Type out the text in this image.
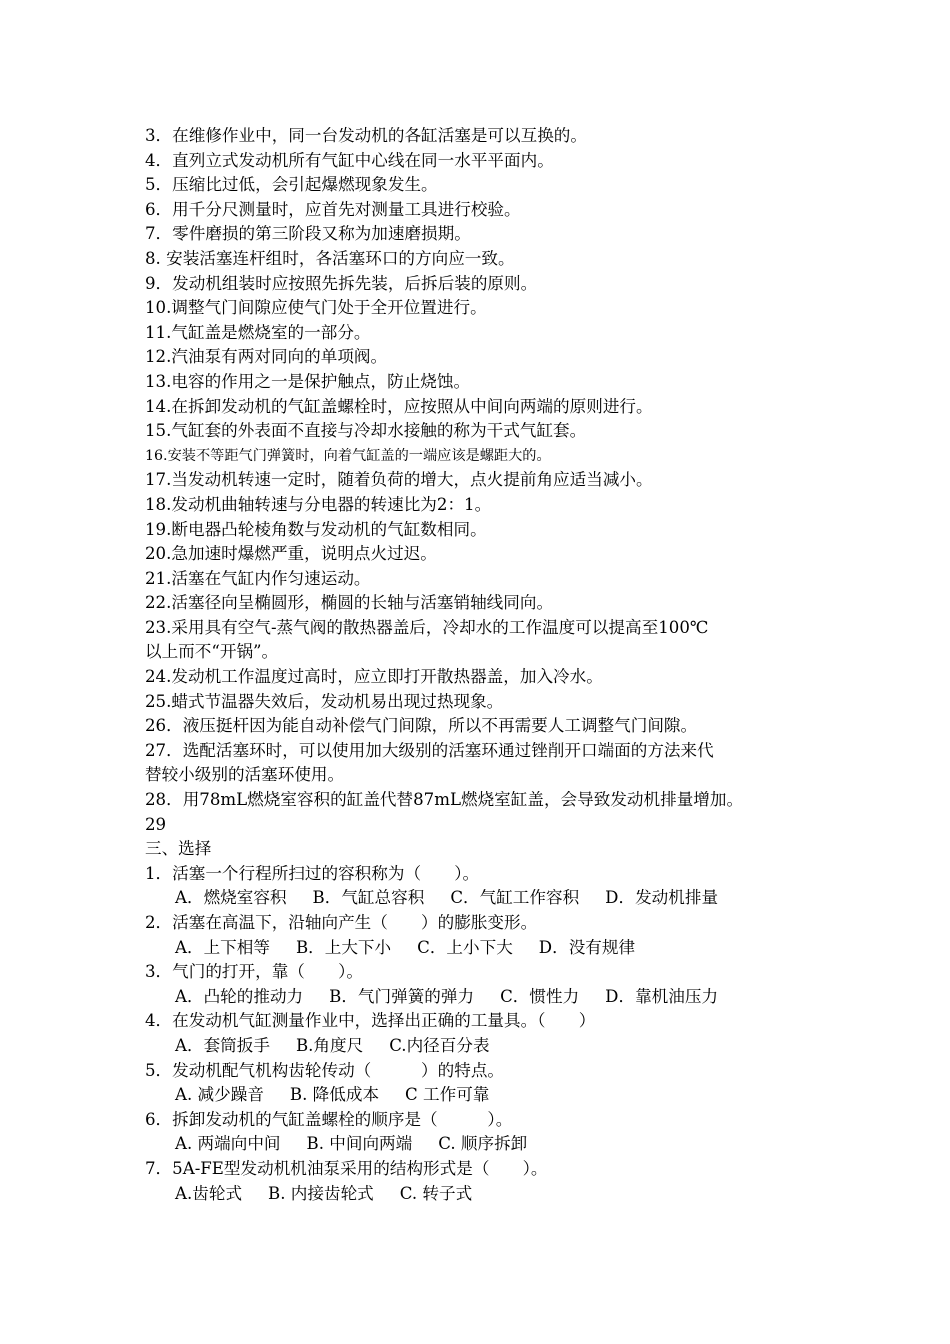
3．在维修作业中，同一台发动机的各缸活塞是可以互换的。
4．直列立式发动机所有气缸中心线在同一水平平面内。
5．压缩比过低，会引起爆燃现象发生。
6．用千分尺测量时，应首先对测量工具进行校验。
7．零件磨损的第三阶段又称为加速磨损期。
8. 安装活塞连杆组时，各活塞环口的方向应一致。
9．发动机组装时应按照先拆先装，后拆后装的原则。
10.调整气门间隙应使气门处于全开位置进行。
11.气缸盖是燃烧室的一部分。
12.汽油泵有两对同向的单项阀。
13.电容的作用之一是保护触点，防止烧蚀。
14.在拆卸发动机的气缸盖螺栓时，应按照从中间向两端的原则进行。
15.气缸套的外表面不直接与冷却水接触的称为干式气缸套。
16.安装不等距气门弹簧时，向着气缸盖的一端应该是螺距大的。
17.当发动机转速一定时，随着负荷的增大，点火提前角应适当减小。
18.发动机曲轴转速与分电器的转速比为2：1。
19.断电器凸轮棱角数与发动机的气缸数相同。
20.急加速时爆燃严重，说明点火过迟。
21.活塞在气缸内作匀速运动。
22.活塞径向呈椭圆形，椭圆的长轴与活塞销轴线同向。
23.采用具有空气-蒸气阀的散热器盖后，冷却水的工作温度可以提高至100℃
以上而不“开锅”。
24.发动机工作温度过高时，应立即打开散热器盖，加入冷水。
25.蜡式节温器失效后，发动机易出现过热现象。
26．液压挺杆因为能自动补偿气门间隙，所以不再需要人工调整气门间隙。
27．选配活塞环时，可以使用加大级别的活塞环通过锉削开口端面的方法来代
替较小级别的活塞环使用。
28．用78mL燃烧室容积的缸盖代替87mL燃烧室缸盖，会导致发动机排量增加。
29
三、选择
1．活塞一个行程所扫过的容积称为（　　）。
A．燃烧室容积 B．气缸总容积 C．气缸工作容积 D．发动机排量
2．活塞在高温下，沿轴向产生（　　）的膨胀变形。
A．上下相等 B．上大下小 C．上小下大 D．没有规律
3．气门的打开，靠（　　）。
A．凸轮的推动力 B．气门弹簧的弹力 C．惯性力 D．靠机油压力
4．在发动机气缸测量作业中，选择出正确的工量具。（　　）
A．套筒扳手 B.角度尺 C.内径百分表
5．发动机配气机构齿轮传动（　　　）的特点。
A. 减少躁音 B. 降低成本 C 工作可靠
6．拆卸发动机的气缸盖螺栓的顺序是（　　　）。
A. 两端向中间 B. 中间向两端 C. 顺序拆卸
7．5A-FE型发动机机油泵采用的结构形式是（　　）。
A.齿轮式 B. 内接齿轮式 C. 转子式
